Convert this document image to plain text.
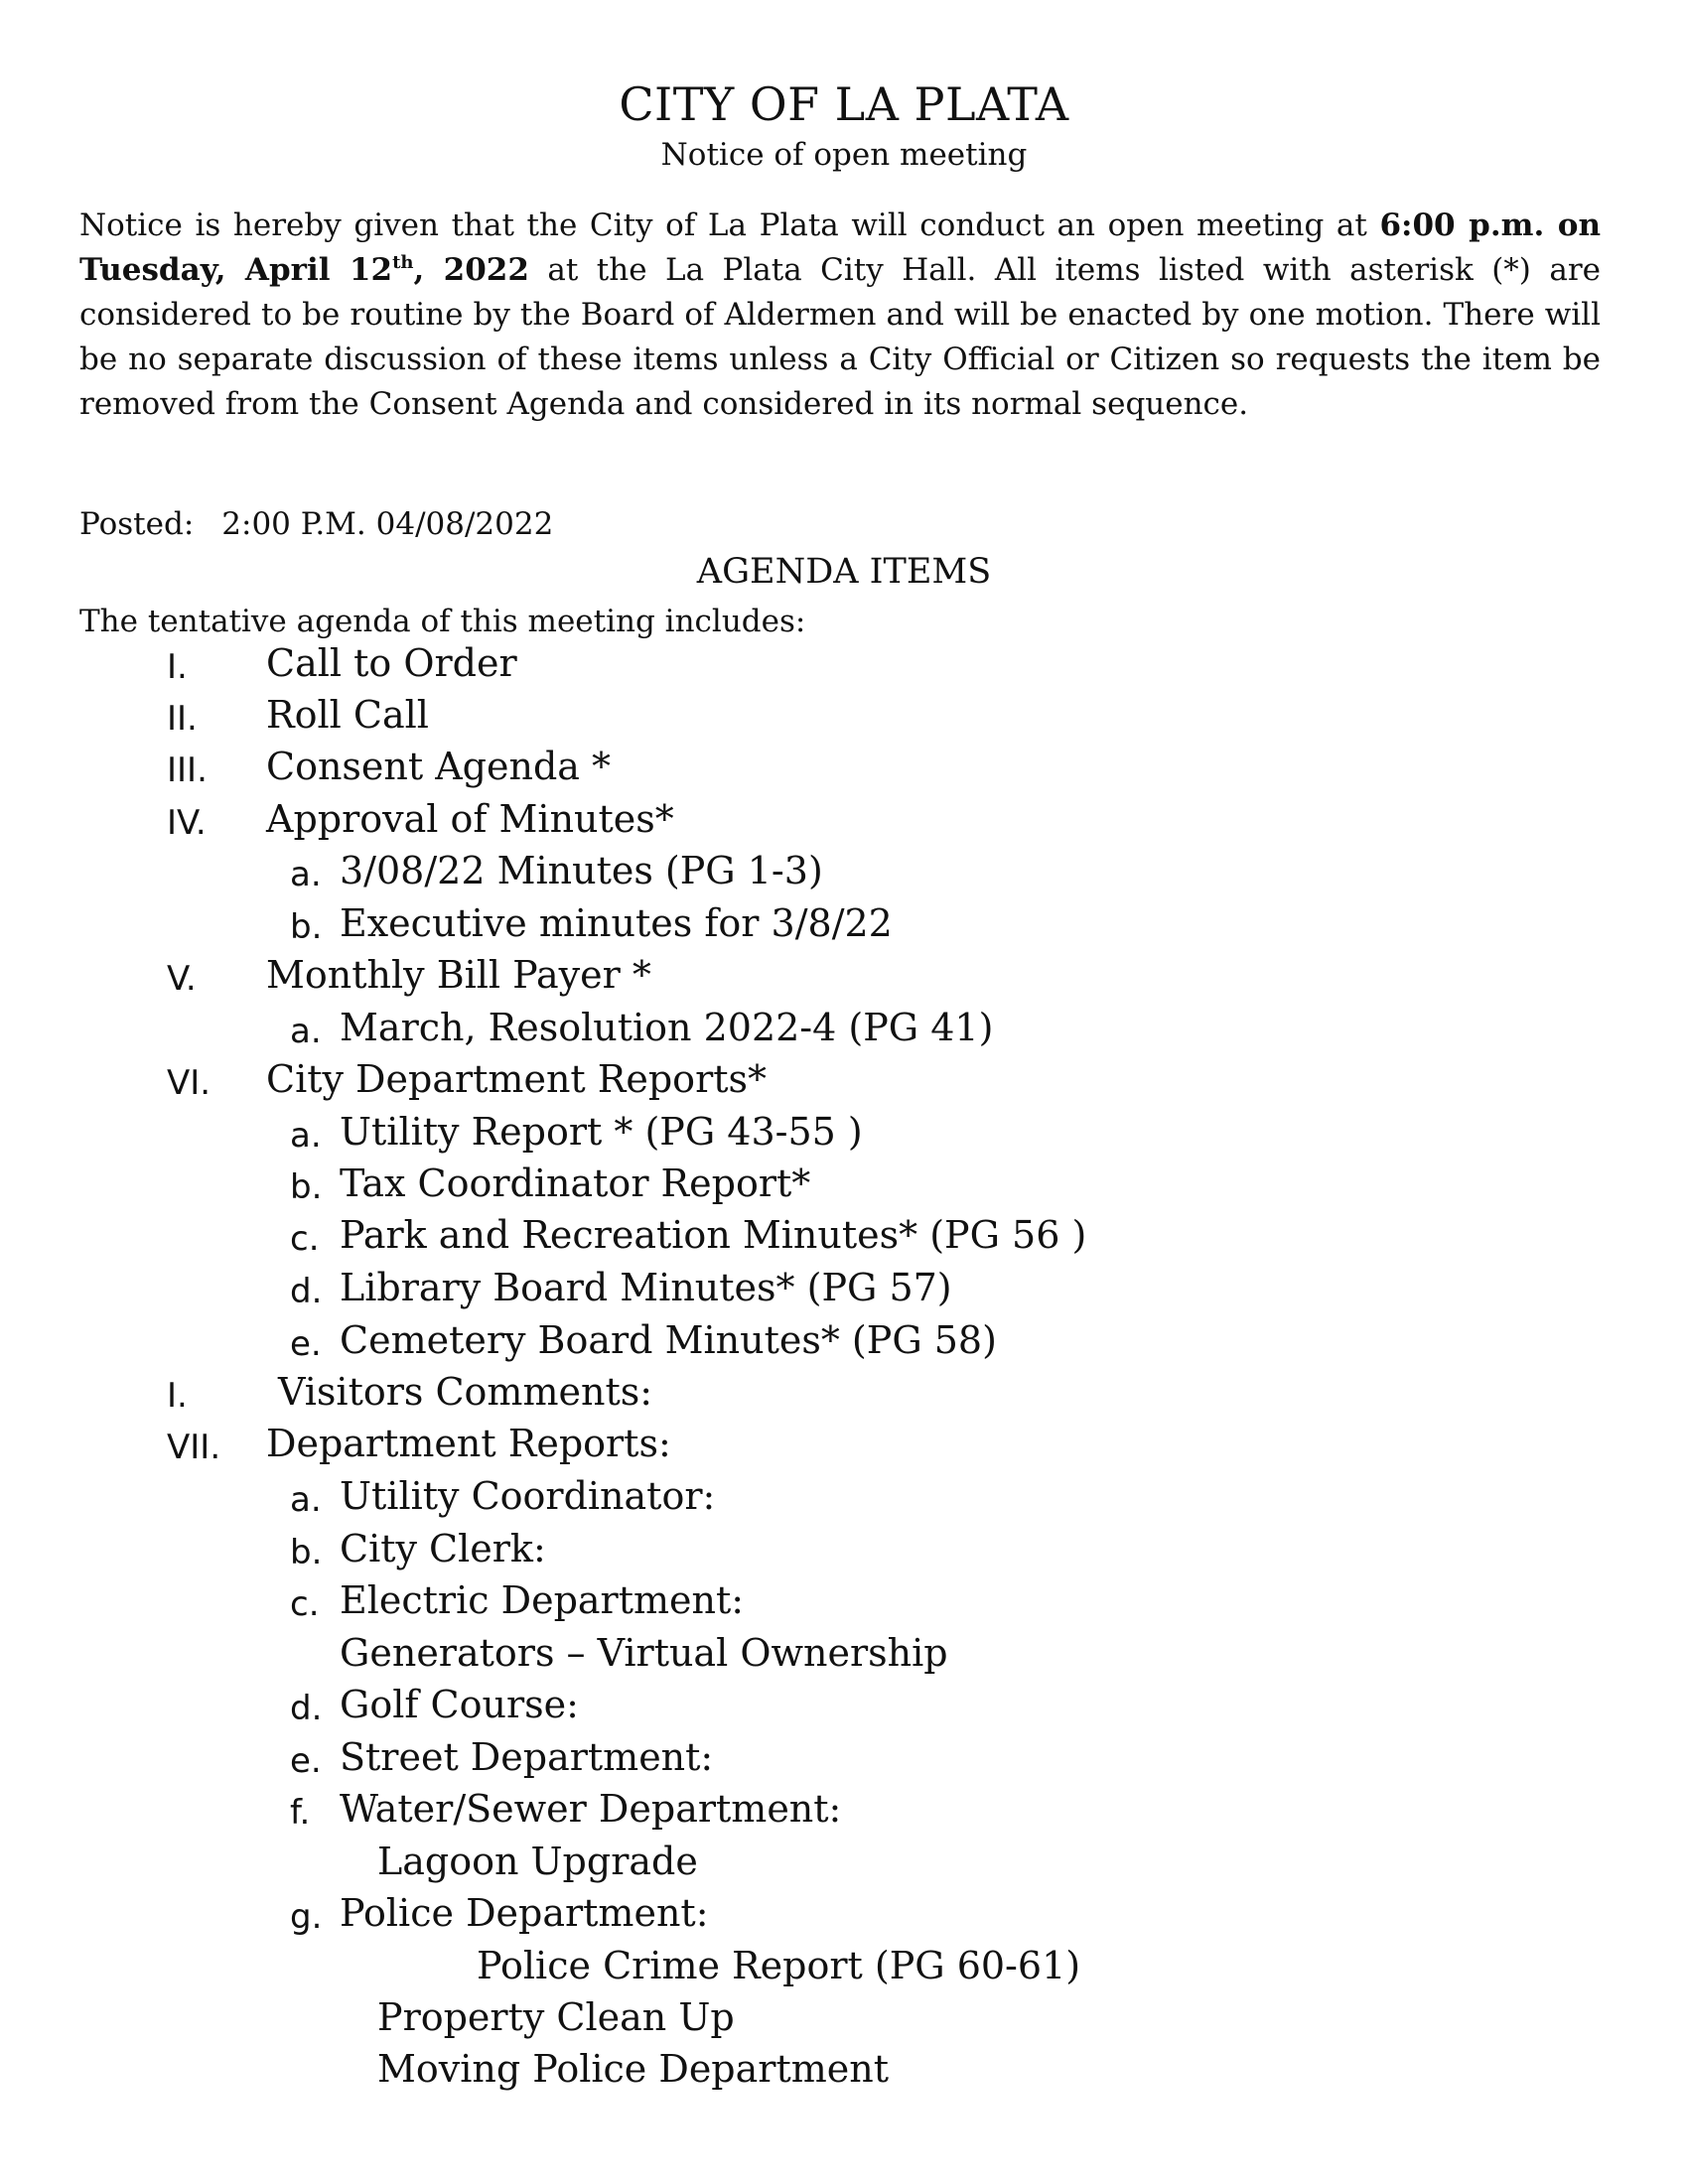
CITY OF LA PLATA
Notice of open meeting
Notice is hereby given that the City of La Plata will conduct an open meeting at 6:00 p.m. on Tuesday, April 12th, 2022 at the La Plata City Hall. All items listed with asterisk (*) are considered to be routine by the Board of Aldermen and will be enacted by one motion. There will be no separate discussion of these items unless a City Official or Citizen so requests the item be removed from the Consent Agenda and considered in its normal sequence.
Posted: 2:00 P.M. 04/08/2022
AGENDA ITEMS
The tentative agenda of this meeting includes:
I. Call to Order
II. Roll Call
III. Consent Agenda *
IV. Approval of Minutes*
a. 3/08/22 Minutes (PG 1-3)
b. Executive minutes for 3/8/22
V. Monthly Bill Payer *
a. March, Resolution 2022-4 (PG 41)
VI. City Department Reports*
a. Utility Report * (PG 43-55 )
b. Tax Coordinator Report*
c. Park and Recreation Minutes* (PG 56 )
d. Library Board Minutes* (PG 57)
e. Cemetery Board Minutes* (PG 58)
I. Visitors Comments:
VII. Department Reports:
a. Utility Coordinator:
b. City Clerk:
c. Electric Department:
Generators – Virtual Ownership
d. Golf Course:
e. Street Department:
f. Water/Sewer Department:
Lagoon Upgrade
g. Police Department:
Police Crime Report (PG 60-61)
Property Clean Up
Moving Police Department
